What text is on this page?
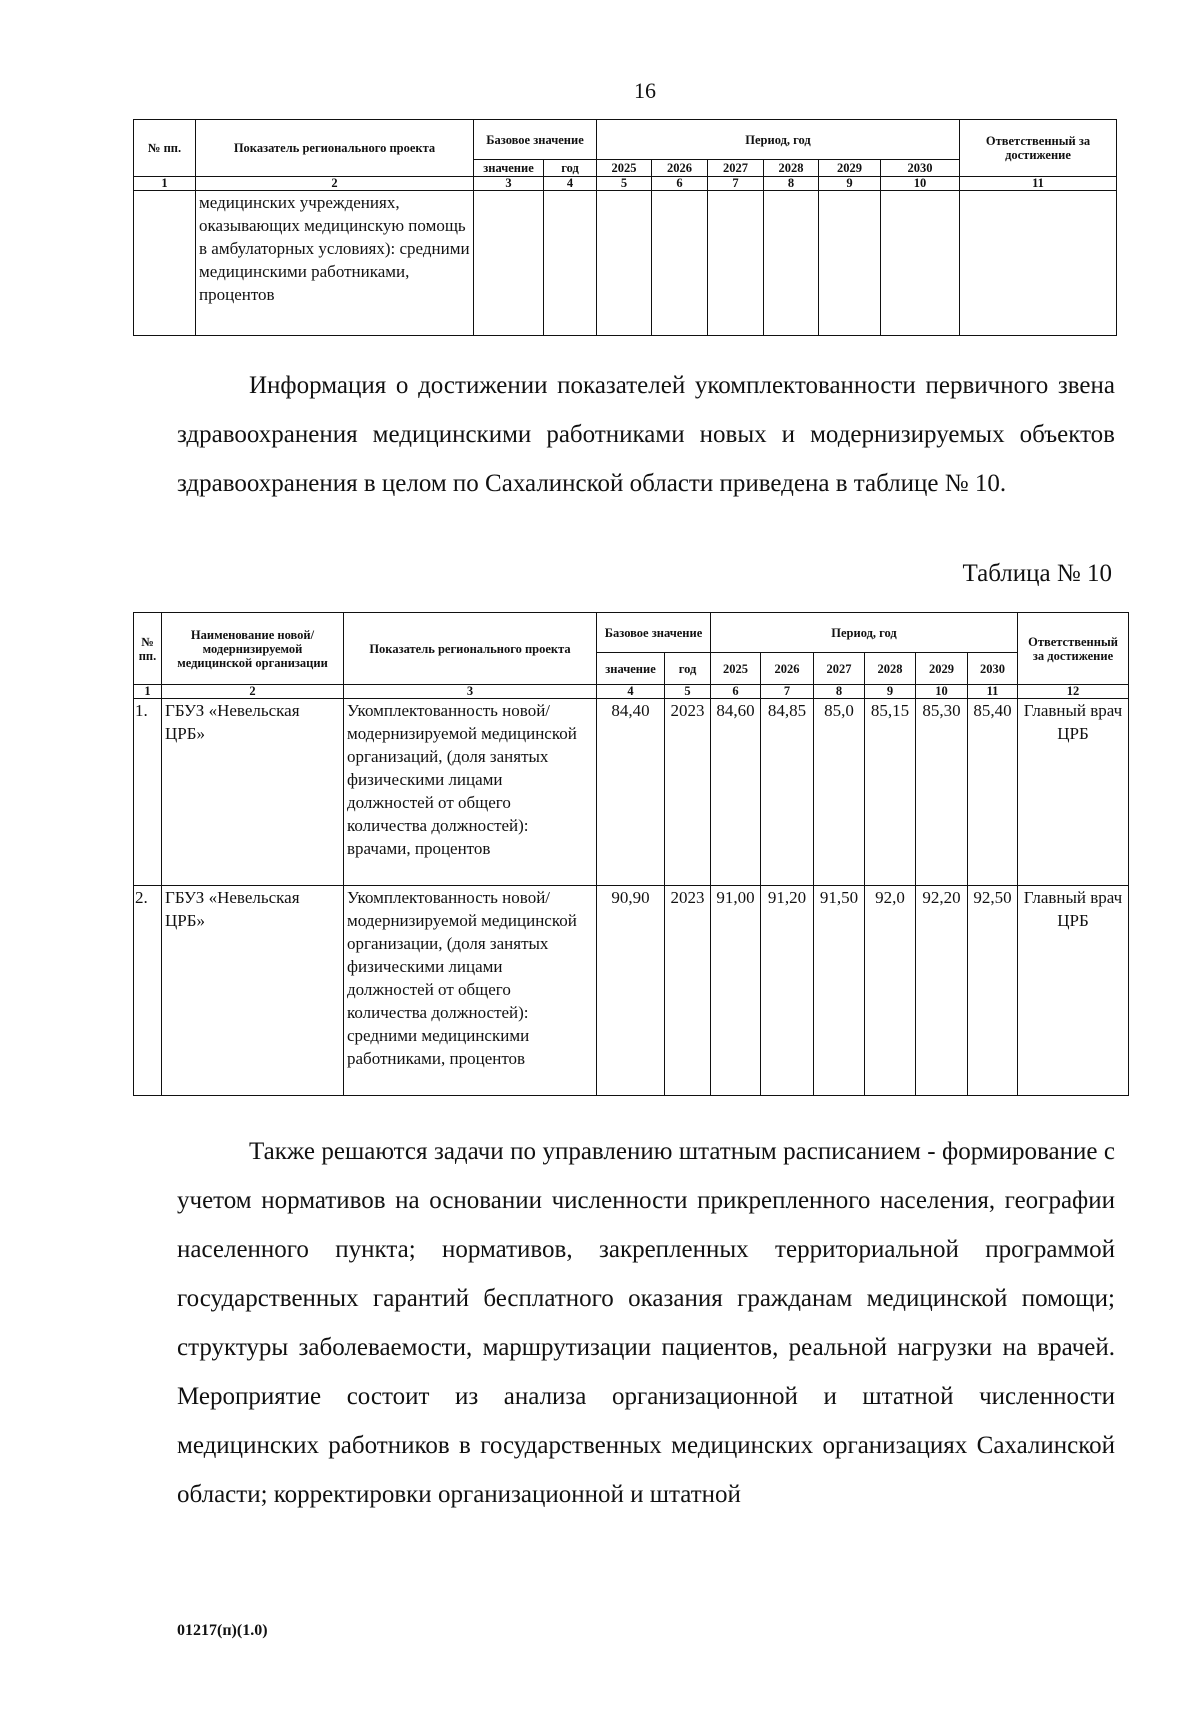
16
№ пп.	Показатель регионального проекта	Базовое значение		Период, год						Ответственный за достижение
		значение	год	2025	2026	2027	2028	2029	2030	
1	2	3	4	5	6	7	8	9	10	11
	медицинских учреждениях, оказывающих медицинскую помощь в амбулаторных условиях): средними медицинскими работниками, процентов									

Информация о достижении показателей укомплектованности первичного звена здравоохранения медицинскими работниками новых и модернизируемых объектов здравоохранения в целом по Сахалинской области приведена в таблице № 10.

Таблица № 10
№ пп.	Наименование новой/ модернизируемой медицинской организации	Показатель регионального проекта	Базовое значение		Период, год						Ответственный за достижение
			значение	год	2025	2026	2027	2028	2029	2030	
1	2	3	4	5	6	7	8	9	10	11	12
1.	ГБУЗ «Невельская ЦРБ»	Укомплектованность новой/ модернизируемой медицинской организаций, (доля занятых физическими лицами должностей от общего количества должностей): врачами, процентов	84,40	2023	84,60	84,85	85,0	85,15	85,30	85,40	Главный врач ЦРБ
2.	ГБУЗ «Невельская ЦРБ»	Укомплектованность новой/ модернизируемой медицинской организации, (доля занятых физическими лицами должностей от общего количества должностей): средними медицинскими работниками, процентов	90,90	2023	91,00	91,20	91,50	92,0	92,20	92,50	Главный врач ЦРБ

Также решаются задачи по управлению штатным расписанием - формирование с учетом нормативов на основании численности прикрепленного населения, географии населенного пункта; нормативов, закрепленных территориальной программой государственных гарантий бесплатного оказания гражданам медицинской помощи; структуры заболеваемости, маршрутизации пациентов, реальной нагрузки на врачей. Мероприятие состоит из анализа организационной и штатной численности медицинских работников в государственных медицинских организациях Сахалинской области; корректировки организационной и штатной

01217(п)(1.0)
